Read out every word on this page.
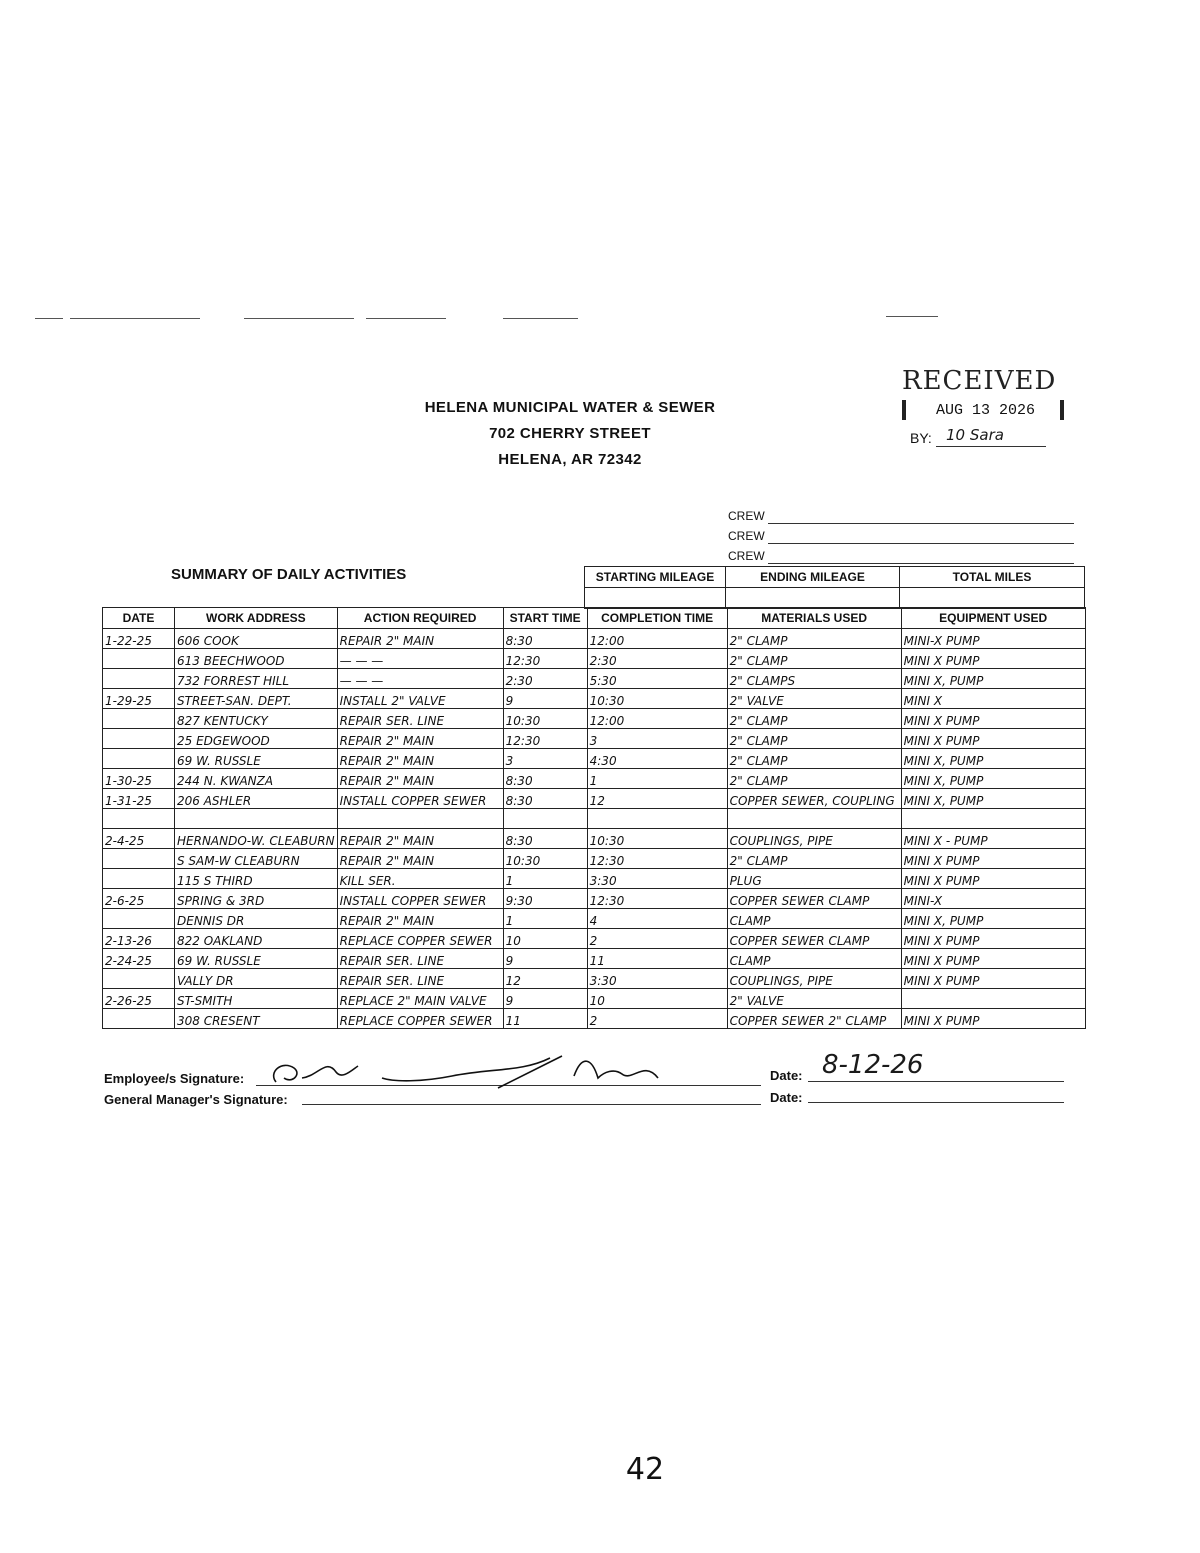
HELENA MUNICIPAL WATER & SEWER
702 CHERRY STREET
HELENA, AR 72342
RECEIVED
AUG 13 2026
BY: 10 Sara
CREW
CREW
CREW
SUMMARY OF DAILY ACTIVITIES	STARTING MILEAGE	ENDING MILEAGE	TOTAL MILES

DATE	WORK ADDRESS	ACTION REQUIRED	START TIME	COMPLETION TIME	MATERIALS USED	EQUIPMENT USED
1-22-25	606 COOK	REPAIR 2" MAIN	8:30	12:00	2" CLAMP	MINI-X PUMP
	613 BEECHWOOD	— — —	12:30	2:30	2" CLAMP	MINI X PUMP
	732 FORREST HILL	— — —	2:30	5:30	2" CLAMPS	MINI X, PUMP
1-29-25	STREET-SAN. DEPT.	INSTALL 2" VALVE	9	10:30	2" VALVE	MINI X
	827 KENTUCKY	REPAIR SER. LINE	10:30	12:00	2" CLAMP	MINI X PUMP
	25 EDGEWOOD	REPAIR 2" MAIN	12:30	3	2" CLAMP	MINI X PUMP
	69 W. RUSSLE	REPAIR 2" MAIN	3	4:30	2" CLAMP	MINI X, PUMP
1-30-25	244 N. KWANZA	REPAIR 2" MAIN	8:30	1	2" CLAMP	MINI X, PUMP
1-31-25	206 ASHLER	INSTALL COPPER SEWER	8:30	12	COPPER SEWER, COUPLING	MINI X, PUMP

2-4-25	HERNANDO-W. CLEABURN	REPAIR 2" MAIN	8:30	10:30	COUPLINGS, PIPE	MINI X - PUMP
	S SAM-W CLEABURN	REPAIR 2" MAIN	10:30	12:30	2" CLAMP	MINI X PUMP
	115 S THIRD	KILL SER.	1	3:30	PLUG	MINI X PUMP
2-6-25	SPRING & 3RD	INSTALL COPPER SEWER	9:30	12:30	COPPER SEWER CLAMP	MINI-X
	DENNIS DR	REPAIR 2" MAIN	1	4	CLAMP	MINI X, PUMP
2-13-26	822 OAKLAND	REPLACE COPPER SEWER	10	2	COPPER SEWER CLAMP	MINI X PUMP
2-24-25	69 W. RUSSLE	REPAIR SER. LINE	9	11	CLAMP	MINI X PUMP
	VALLY DR	REPAIR SER. LINE	12	3:30	COUPLINGS, PIPE	MINI X PUMP
2-26-25	ST-SMITH	REPLACE 2" MAIN VALVE	9	10	2" VALVE	
	308 CRESENT	REPLACE COPPER SEWER	11	2	COPPER SEWER 2" CLAMP	MINI X PUMP
Employee/s Signature:
General Manager's Signature:
Date: 8-12-26
Date:
42
